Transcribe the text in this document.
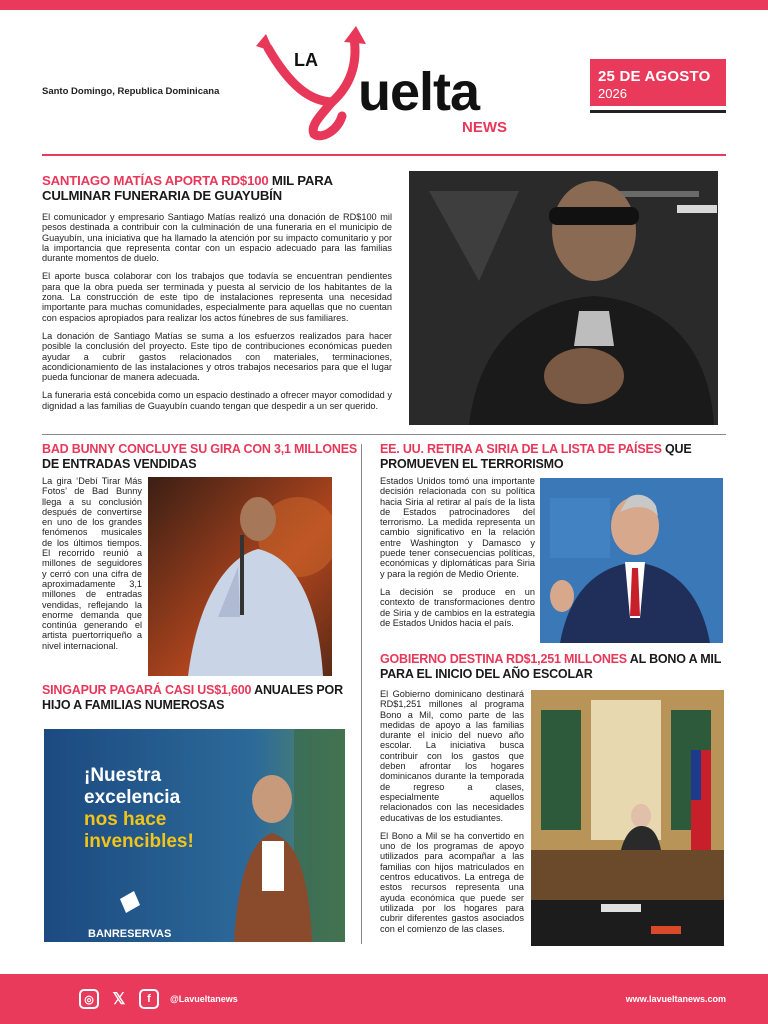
Santo Domingo, Republica Dominicana
LA
uelta
NEWS
25 DE AGOSTO
2026
SANTIAGO MATÍAS APORTA RD$100 MIL PARA CULMINAR FUNERARIA DE GUAYUBÍN

El comunicador y empresario Santiago Matías realizó una donación de RD$100 mil pesos destinada a contribuir con la culminación de una funeraria en el municipio de Guayubín, una iniciativa que ha llamado la atención por su impacto comunitario y por la importancia que representa contar con un espacio adecuado para las familias durante momentos de duelo.

El aporte busca colaborar con los trabajos que todavía se encuentran pendientes para que la obra pueda ser terminada y puesta al servicio de los habitantes de la zona. La construcción de este tipo de instalaciones representa una necesidad importante para muchas comunidades, especialmente para aquellas que no cuentan con espacios apropiados para realizar los actos fúnebres de sus familiares.

La donación de Santiago Matías se suma a los esfuerzos realizados para hacer posible la conclusión del proyecto. Este tipo de contribuciones económicas pueden ayudar a cubrir gastos relacionados con materiales, terminaciones, acondicionamiento de las instalaciones y otros trabajos necesarios para que el lugar pueda funcionar de manera adecuada.

La funeraria está concebida como un espacio destinado a ofrecer mayor comodidad y dignidad a las familias de Guayubín cuando tengan que despedir a un ser querido.

BAD BUNNY CONCLUYE SU GIRA CON 3,1 MILLONES DE ENTRADAS VENDIDAS

La gira ‘Debí Tirar Más Fotos’ de Bad Bunny llega a su conclusión después de convertirse en uno de los grandes fenómenos musicales de los últimos tiempos. El recorrido reunió a millones de seguidores y cerró con una cifra de aproximadamente 3,1 millones de entradas vendidas, reflejando la enorme demanda que continúa generando el artista puertorriqueño a nivel internacional.

SINGAPUR PAGARÁ CASI US$1,600 ANUALES POR HIJO A FAMILIAS NUMEROSAS
¡Nuestra
excelencia
nos hace
invencibles!
BANRESERVAS
EE. UU. RETIRA A SIRIA DE LA LISTA DE PAÍSES QUE PROMUEVEN EL TERRORISMO

Estados Unidos tomó una importante decisión relacionada con su política hacia Siria al retirar al país de la lista de Estados patrocinadores del terrorismo. La medida representa un cambio significativo en la relación entre Washington y Damasco y puede tener consecuencias políticas, económicas y diplomáticas para Siria y para la región de Medio Oriente.

La decisión se produce en un contexto de transformaciones dentro de Siria y de cambios en la estrategia de Estados Unidos hacia el país.

GOBIERNO DESTINA RD$1,251 MILLONES AL BONO A MIL PARA EL INICIO DEL AÑO ESCOLAR

El Gobierno dominicano destinará RD$1,251 millones al programa Bono a Mil, como parte de las medidas de apoyo a las familias durante el inicio del nuevo año escolar. La iniciativa busca contribuir con los gastos que deben afrontar los hogares dominicanos durante la temporada de regreso a clases, especialmente aquellos relacionados con las necesidades educativas de los estudiantes.

El Bono a Mil se ha convertido en uno de los programas de apoyo utilizados para acompañar a las familias con hijos matriculados en centros educativos. La entrega de estos recursos representa una ayuda económica que puede ser utilizada por los hogares para cubrir diferentes gastos asociados con el comienzo de las clases.

◎	𝕏	f	@Lavueltanews	www.lavueltanews.com
